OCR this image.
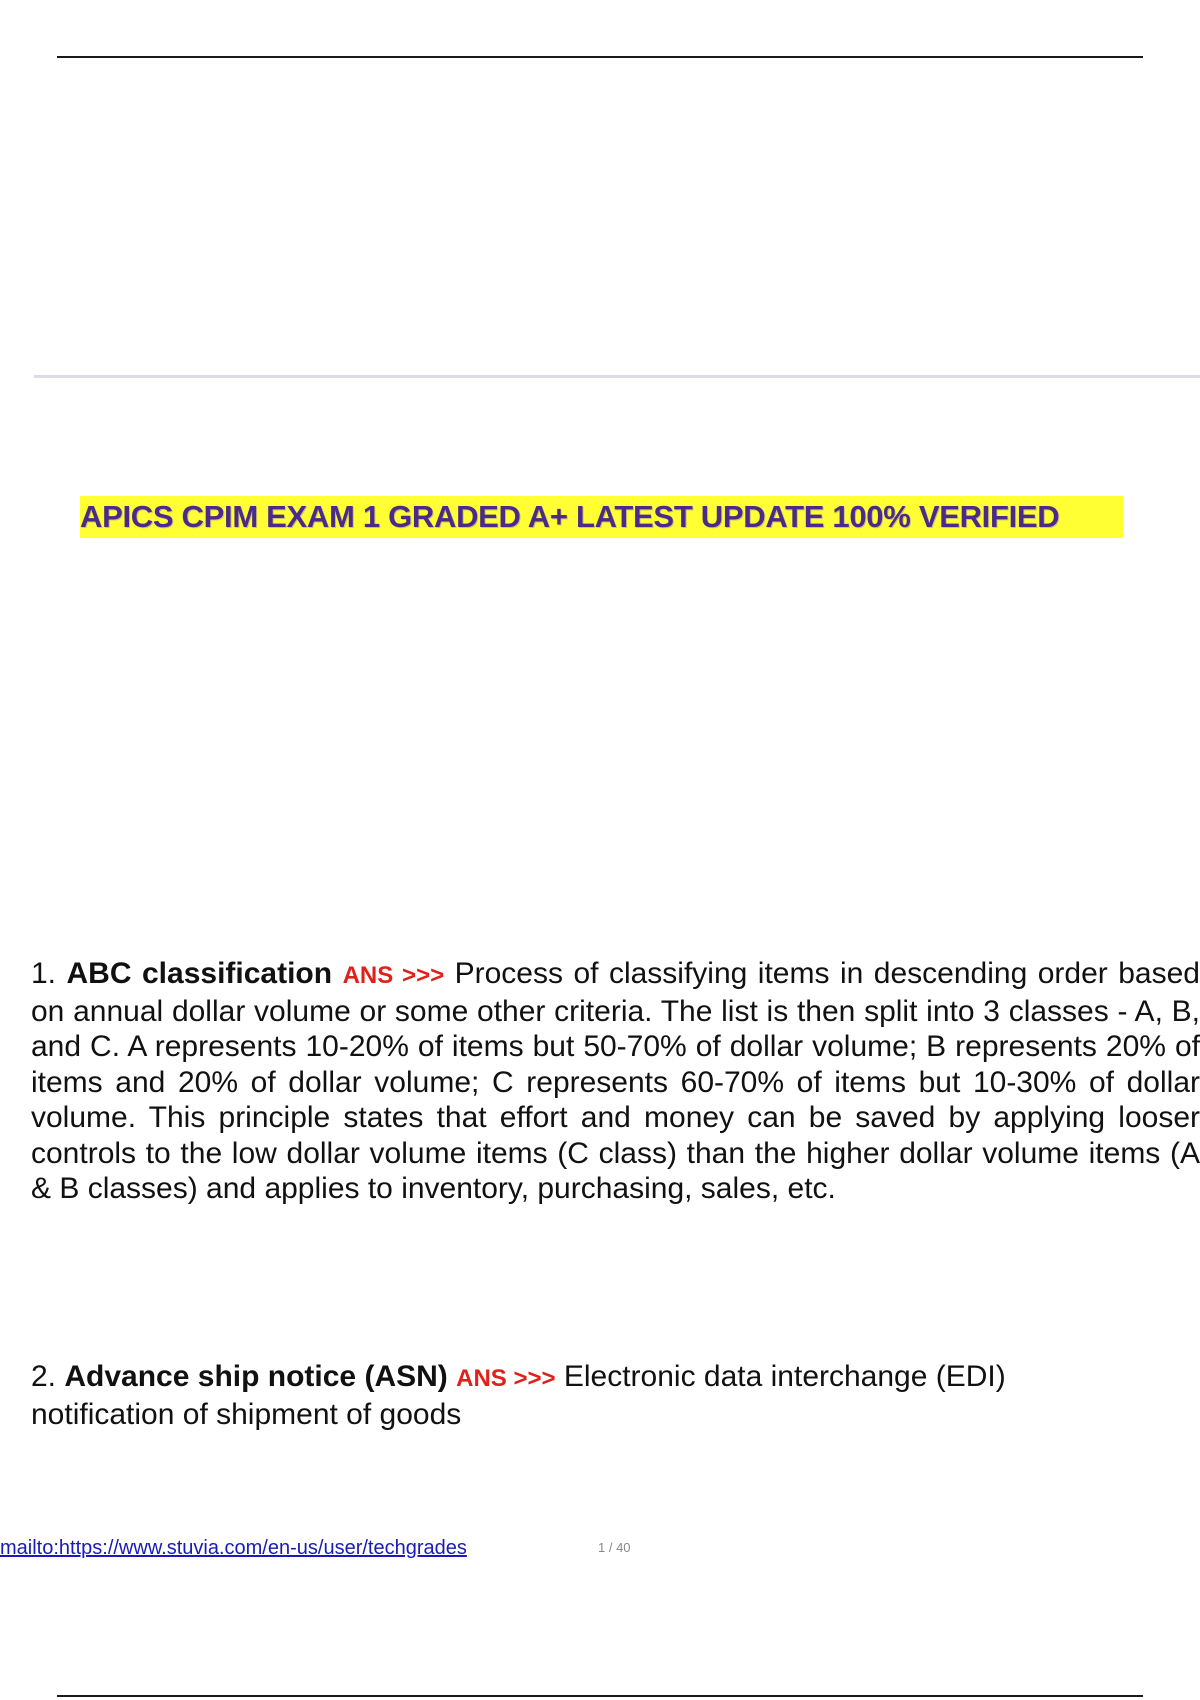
APICS CPIM EXAM 1 GRADED A+ LATEST UPDATE 100% VERIFIED

1. ABC classification ANS >>> Process of classifying items in descending order based on annual dollar volume or some other criteria. The list is then split into 3 classes - A, B, and C. A represents 10-20% of items but 50-70% of dollar volume; B represents 20% of items and 20% of dollar volume; C represents 60-70% of items but 10-30% of dollar volume. This principle states that effort and money can be saved by applying looser controls to the low dollar volume items (C class) than the higher dollar volume items (A & B classes) and applies to inventory, purchasing, sales, etc.

2. Advance ship notice (ASN) ANS >>> Electronic data interchange (EDI) notification of shipment of goods

mailto:https://www.stuvia.com/en-us/user/techgrades	1 / 40
